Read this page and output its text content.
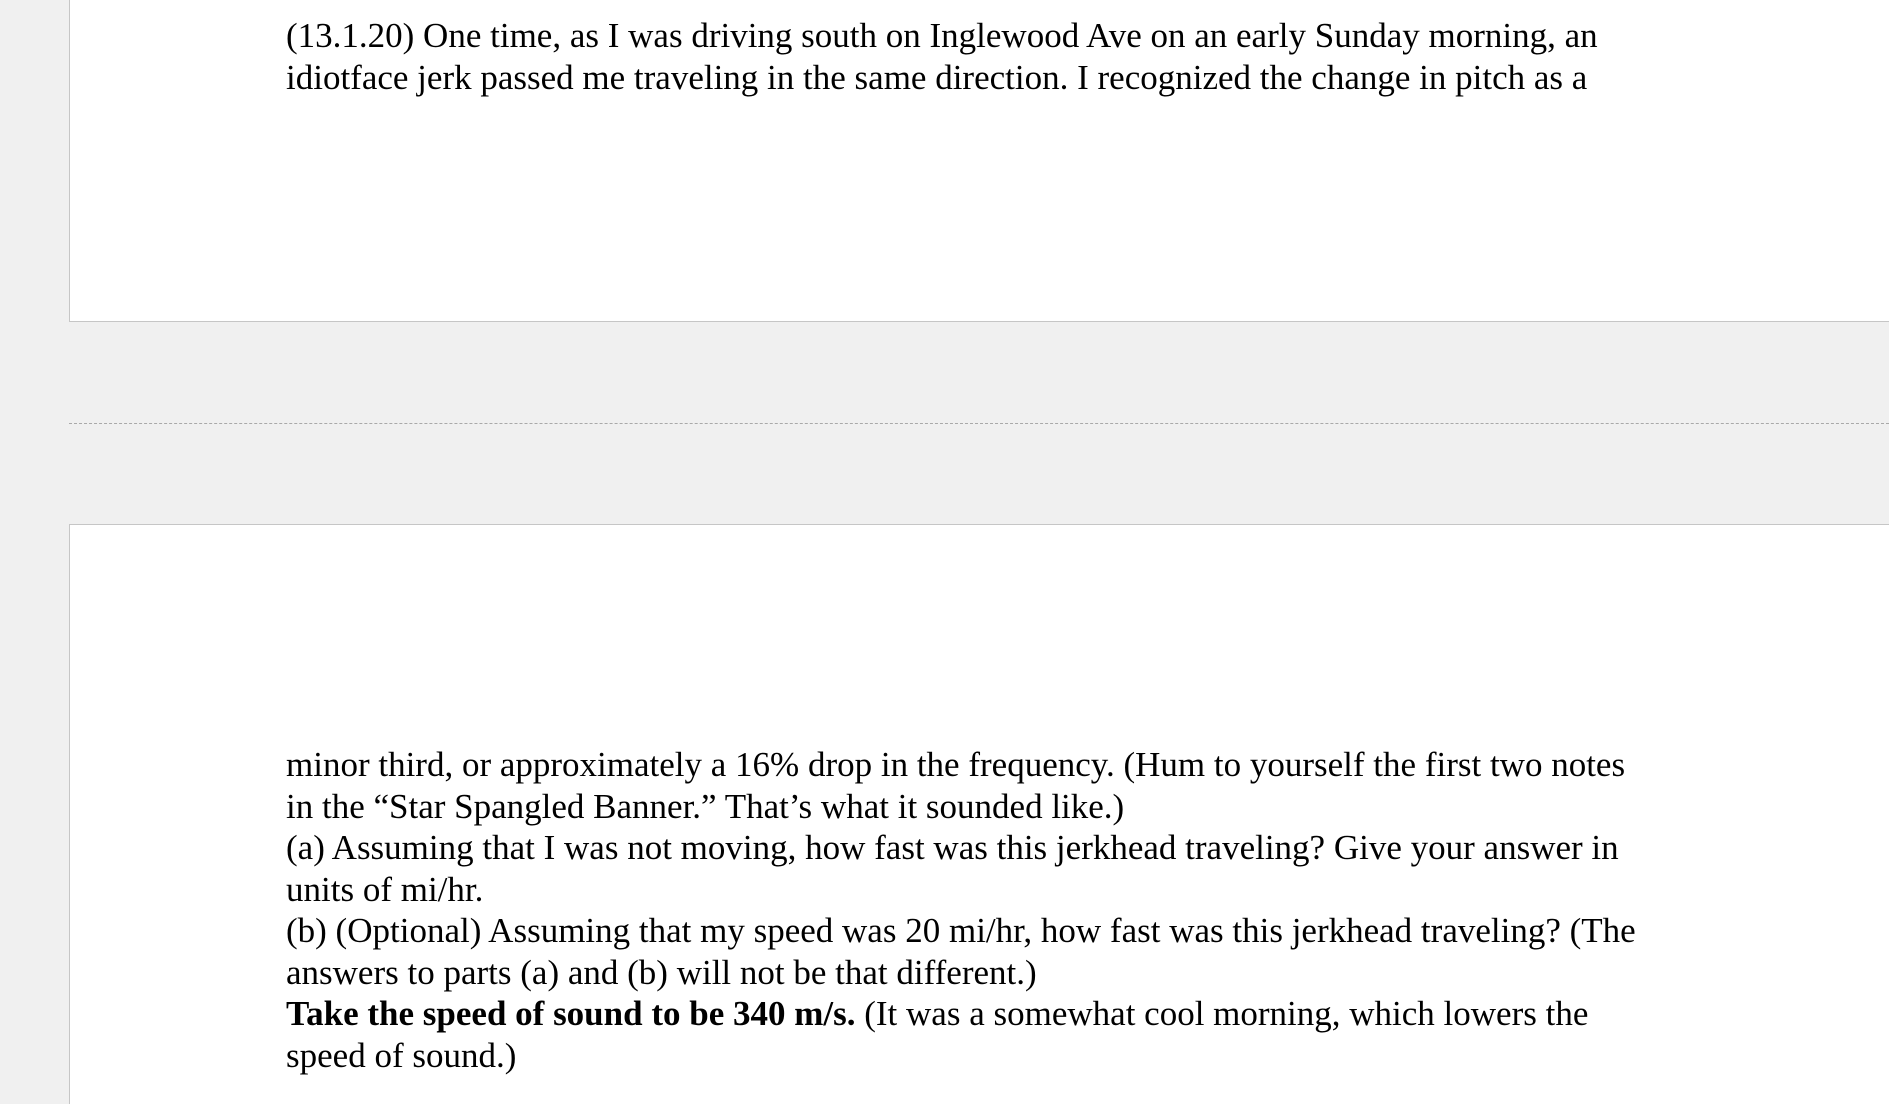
(13.1.20) One time, as I was driving south on Inglewood Ave on an early Sunday morning, an
idiotface jerk passed me traveling in the same direction. I recognized the change in pitch as a
minor third, or approximately a 16% drop in the frequency. (Hum to yourself the first two notes
in the “Star Spangled Banner.” That’s what it sounded like.)
(a) Assuming that I was not moving, how fast was this jerkhead traveling? Give your answer in
units of mi/hr.
(b) (Optional) Assuming that my speed was 20 mi/hr, how fast was this jerkhead traveling? (The
answers to parts (a) and (b) will not be that different.)
Take the speed of sound to be 340 m/s. (It was a somewhat cool morning, which lowers the
speed of sound.)
